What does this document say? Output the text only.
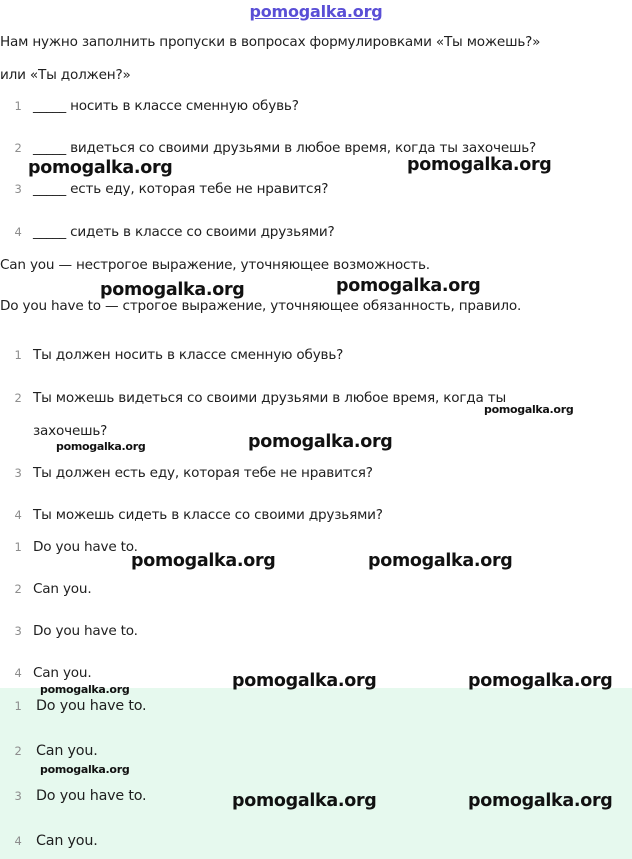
pomogalka.org
Нам нужно заполнить пропуски в вопросах формулировками «Ты можешь?»
или «Ты должен?»
1 _____ носить в классе сменную обувь?
2 _____ видеться со своими друзьями в любое время, когда ты захочешь?
3 _____ есть еду, которая тебе не нравится?
4 _____ сидеть в классе со своими друзьями?
Can you — нестрогое выражение, уточняющее возможность.
Do you have to — строгое выражение, уточняющее обязанность, правило.
1 Ты должен носить в классе сменную обувь?
2 Ты можешь видеться со своими друзьями в любое время, когда ты
захочешь?
3 Ты должен есть еду, которая тебе не нравится?
4 Ты можешь сидеть в классе со своими друзьями?
1 Do you have to.
2 Can you.
3 Do you have to.
4 Can you.
1 Do you have to.
2 Can you.
3 Do you have to.
4 Can you.
pomogalka.org	pomogalka.org
pomogalka.org	pomogalka.org
pomogalka.org
pomogalka.org	pomogalka.org
pomogalka.org	pomogalka.org
pomogalka.org	pomogalka.org	pomogalka.org
pomogalka.org
pomogalka.org	pomogalka.org
